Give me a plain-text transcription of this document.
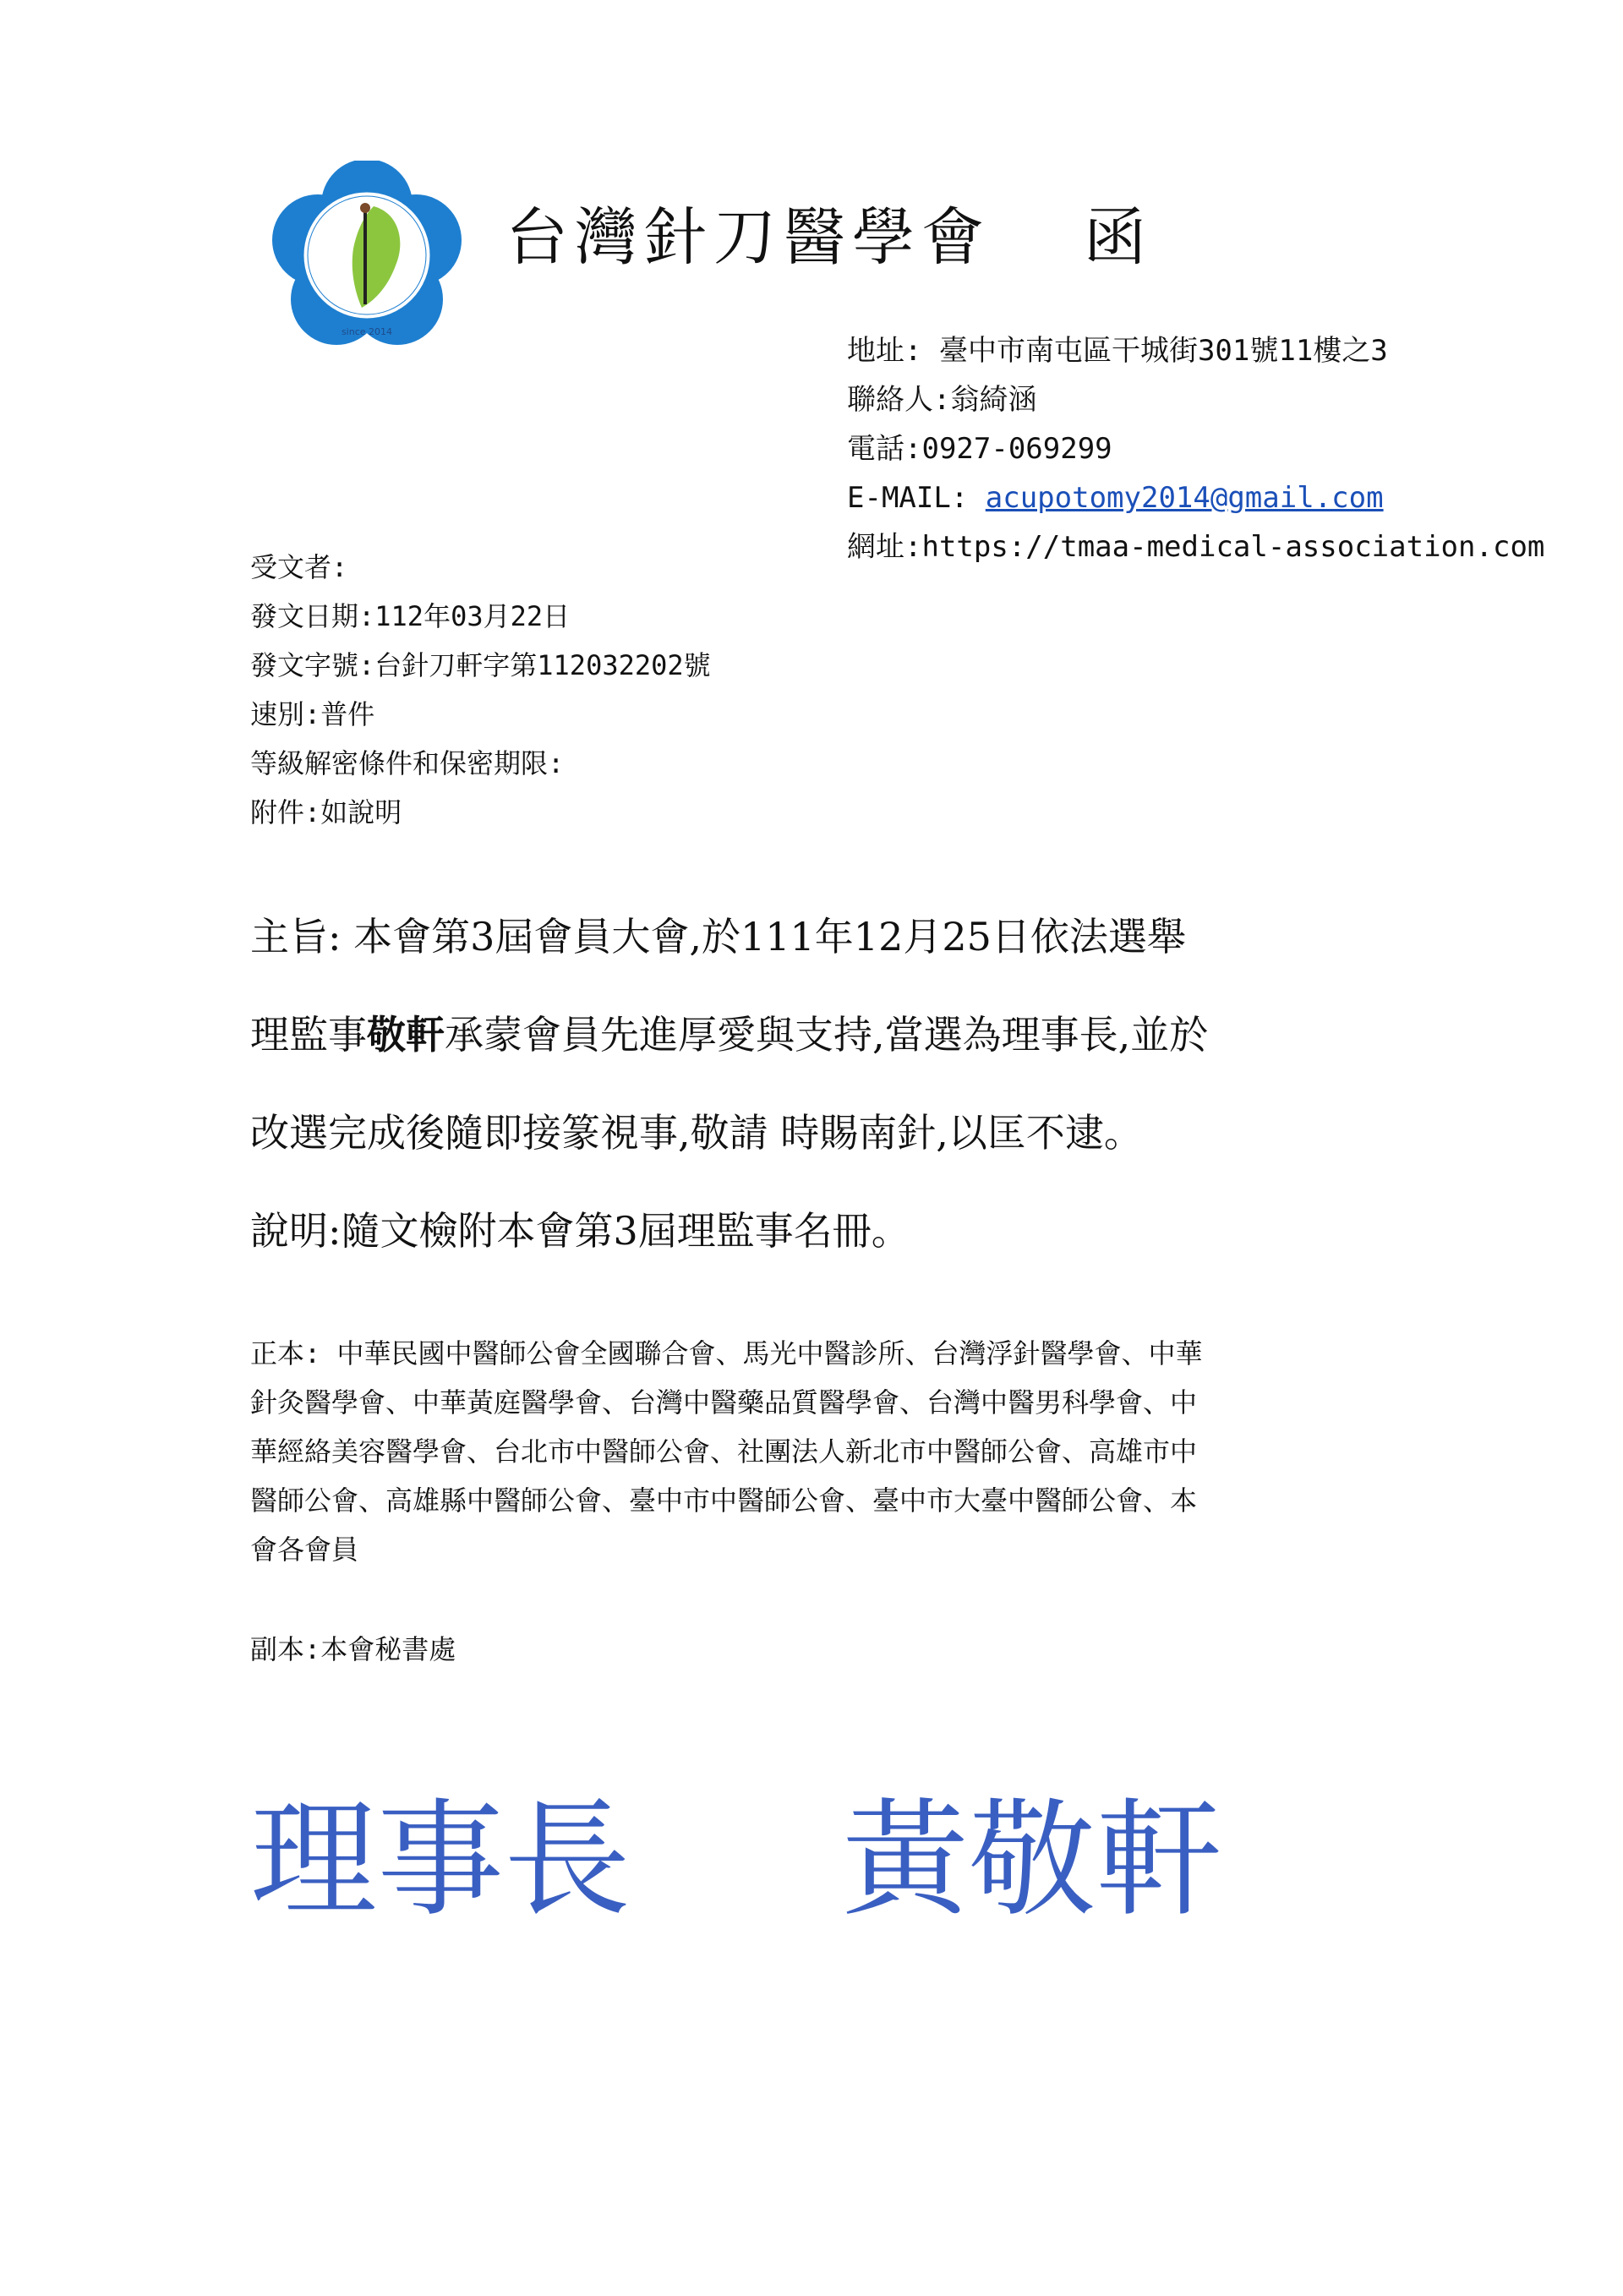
since 2014
台灣針刀醫學會 函
地址: 臺中市南屯區干城街301號11樓之3
聯絡人:翁綺涵
電話:0927-069299
E-MAIL: acupotomy2014@gmail.com
網址:https://tmaa-medical-association.com
受文者:
發文日期:112年03月22日
發文字號:台針刀軒字第112032202號
速別:普件
等級解密條件和保密期限:
附件:如說明
主旨: 本會第3屆會員大會,於111年12月25日依法選舉
理監事敬軒承蒙會員先進厚愛與支持,當選為理事長,並於
改選完成後隨即接篆視事,敬請 時賜南針,以匡不逮。
說明:隨文檢附本會第3屆理監事名冊。
正本: 中華民國中醫師公會全國聯合會、馬光中醫診所、台灣浮針醫學會、中華
針灸醫學會、中華黃庭醫學會、台灣中醫藥品質醫學會、台灣中醫男科學會、中
華經絡美容醫學會、台北市中醫師公會、社團法人新北市中醫師公會、高雄市中
醫師公會、高雄縣中醫師公會、臺中市中醫師公會、臺中市大臺中醫師公會、本
會各會員
副本:本會秘書處
理事長 黃敬軒
